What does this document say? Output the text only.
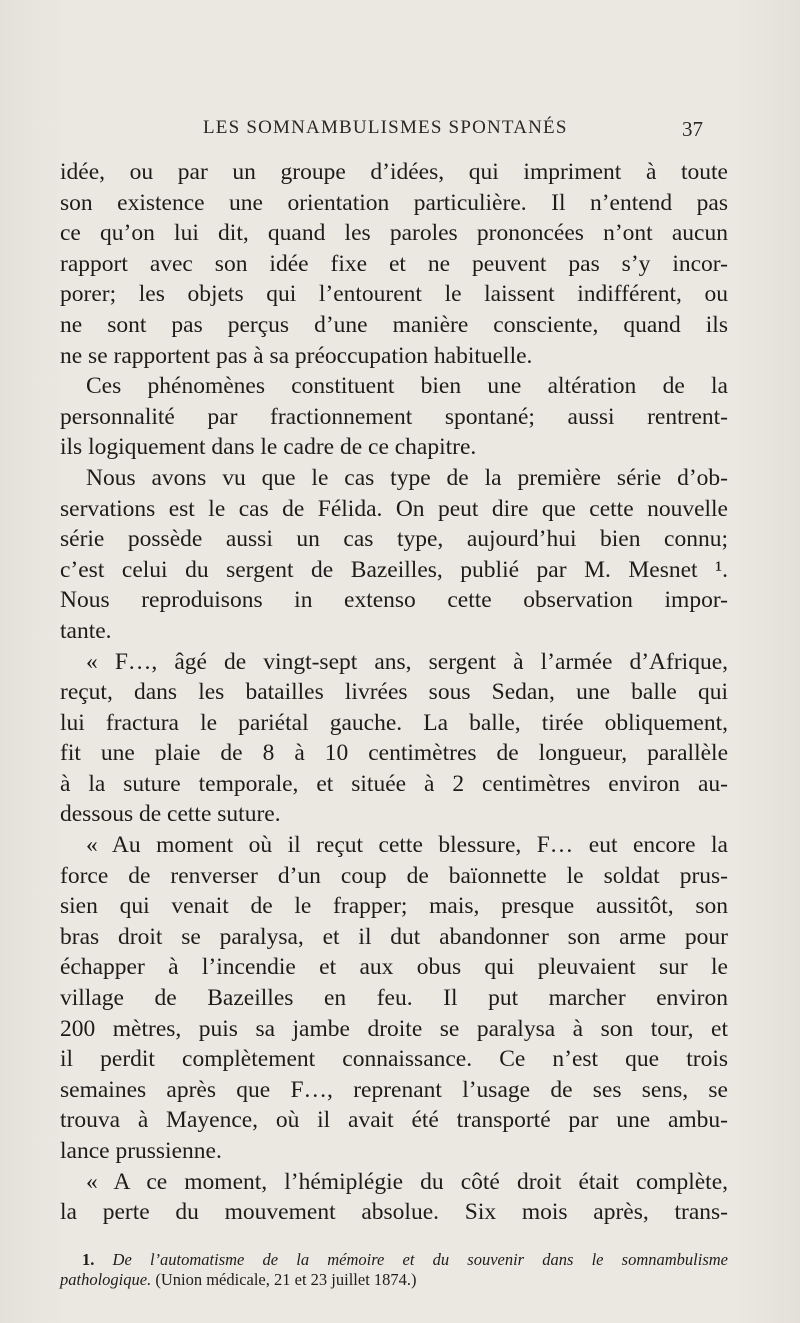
LES SOMNAMBULISMES SPONTANÉS	37
idée, ou par un groupe d’idées, qui impriment à toute
son existence une orientation particulière. Il n’entend pas
ce qu’on lui dit, quand les paroles prononcées n’ont aucun
rapport avec son idée fixe et ne peuvent pas s’y incor-
porer; les objets qui l’entourent le laissent indifférent, ou
ne sont pas perçus d’une manière consciente, quand ils
ne se rapportent pas à sa préoccupation habituelle.
Ces phénomènes constituent bien une altération de la
personnalité par fractionnement spontané; aussi rentrent-
ils logiquement dans le cadre de ce chapitre.
Nous avons vu que le cas type de la première série d’ob-
servations est le cas de Félida. On peut dire que cette nouvelle
série possède aussi un cas type, aujourd’hui bien connu;
c’est celui du sergent de Bazeilles, publié par M. Mesnet ¹.
Nous reproduisons in extenso cette observation impor-
tante.
« F…, âgé de vingt-sept ans, sergent à l’armée d’Afrique,
reçut, dans les batailles livrées sous Sedan, une balle qui
lui fractura le pariétal gauche. La balle, tirée obliquement,
fit une plaie de 8 à 10 centimètres de longueur, parallèle
à la suture temporale, et située à 2 centimètres environ au-
dessous de cette suture.
« Au moment où il reçut cette blessure, F… eut encore la
force de renverser d’un coup de baïonnette le soldat prus-
sien qui venait de le frapper; mais, presque aussitôt, son
bras droit se paralysa, et il dut abandonner son arme pour
échapper à l’incendie et aux obus qui pleuvaient sur le
village de Bazeilles en feu. Il put marcher environ
200 mètres, puis sa jambe droite se paralysa à son tour, et
il perdit complètement connaissance. Ce n’est que trois
semaines après que F…, reprenant l’usage de ses sens, se
trouva à Mayence, où il avait été transporté par une ambu-
lance prussienne.
« A ce moment, l’hémiplégie du côté droit était complète,
la perte du mouvement absolue. Six mois après, trans-
1. De l’automatisme de la mémoire et du souvenir dans le somnambulisme
pathologique. (Union médicale, 21 et 23 juillet 1874.)
